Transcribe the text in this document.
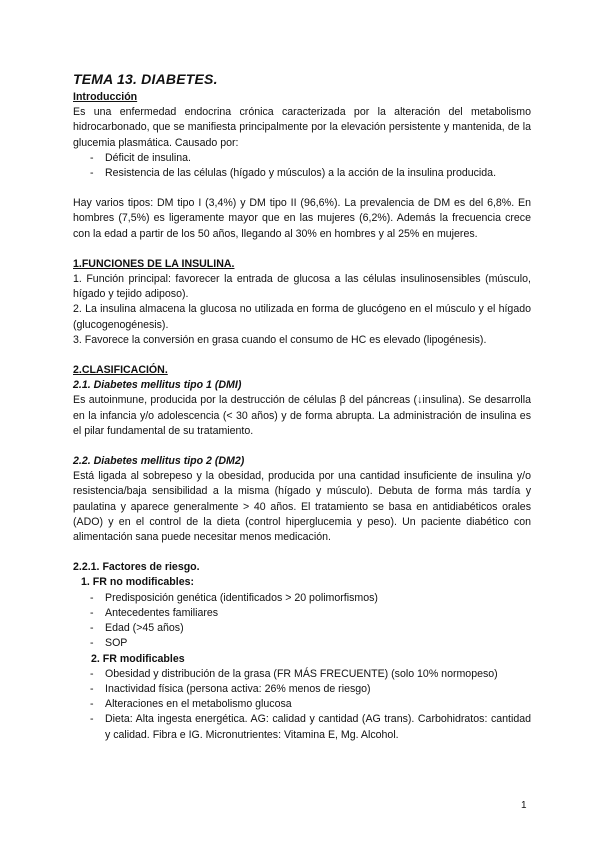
TEMA 13. DIABETES.
Introducción

Es una enfermedad endocrina crónica caracterizada por la alteración del metabolismo hidrocarbonado, que se manifiesta principalmente por la elevación persistente y mantenida, de la glucemia plasmática. Causado por:

- Déficit de insulina.
- Resistencia de las células (hígado y músculos) a la acción de la insulina producida.

Hay varios tipos: DM tipo I (3,4%) y DM tipo II (96,6%). La prevalencia de DM es del 6,8%. En hombres (7,5%) es ligeramente mayor que en las mujeres (6,2%). Además la frecuencia crece con la edad a partir de los 50 años, llegando al 30% en hombres y al 25% en mujeres.

1.FUNCIONES DE LA INSULINA.

1. Función principal: favorecer la entrada de glucosa a las células insulinosensibles (músculo, hígado y tejido adiposo).

2. La insulina almacena la glucosa no utilizada en forma de glucógeno en el músculo y el hígado (glucogenogénesis).

3. Favorece la conversión en grasa cuando el consumo de HC es elevado (lipogénesis).

2.CLASIFICACIÓN.
2.1. Diabetes mellitus tipo 1 (DMI)

Es autoinmune, producida por la destrucción de células β del páncreas (↓insulina). Se desarrolla en la infancia y/o adolescencia (< 30 años) y de forma abrupta. La administración de insulina es el pilar fundamental de su tratamiento.

2.2. Diabetes mellitus tipo 2 (DM2)

Está ligada al sobrepeso y la obesidad, producida por una cantidad insuficiente de insulina y/o resistencia/baja sensibilidad a la misma (hígado y músculo). Debuta de forma más tardía y paulatina y aparece generalmente > 40 años. El tratamiento se basa en antidiabéticos orales (ADO) y en el control de la dieta (control hiperglucemia y peso). Un paciente diabético con alimentación sana puede necesitar menos medicación.

2.2.1. Factores de riesgo.
1. FR no modificables:
- Predisposición genética (identificados > 20 polimorfismos)
- Antecedentes familiares
- Edad (>45 años)
- SOP
2. FR modificables
- Obesidad y distribución de la grasa (FR MÁS FRECUENTE) (solo 10% normopeso)
- Inactividad física (persona activa: 26% menos de riesgo)
- Alteraciones en el metabolismo glucosa
- Dieta: Alta ingesta energética. AG: calidad y cantidad (AG trans). Carbohidratos: cantidad y calidad. Fibra e IG. Micronutrientes: Vitamina E, Mg. Alcohol.
1
